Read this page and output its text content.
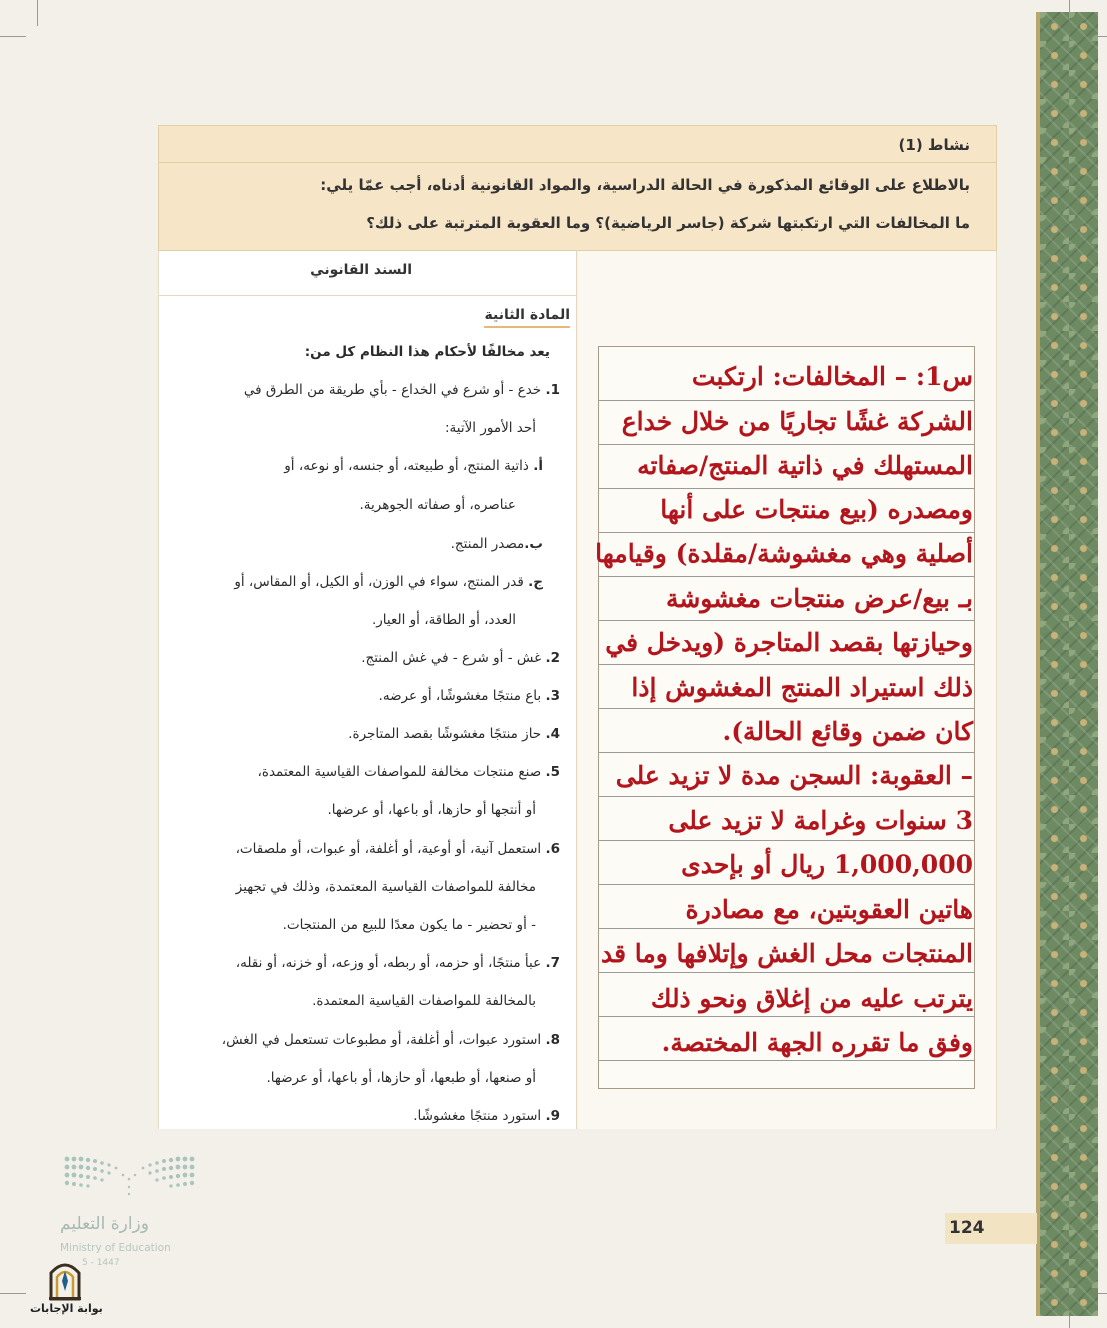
نشاط (1)
بالاطلاع على الوقائع المذكورة في الحالة الدراسية، والمواد القانونية أدناه، أجب عمّا يلي:
ما المخالفات التي ارتكبتها شركة (جاسر الرياضية)؟ وما العقوبة المترتبة على ذلك؟
السند القانوني
المادة الثانية
يعد مخالفًا لأحكام هذا النظام كل من:
1. خدع - أو شرع في الخداع - بأي طريقة من الطرق في
أحد الأمور الآتية:
أ. ذاتية المنتج، أو طبيعته، أو جنسه، أو نوعه، أو
عناصره، أو صفاته الجوهرية.
ب.مصدر المنتج.
ج. قدر المنتج، سواء في الوزن، أو الكيل، أو المقاس، أو
العدد، أو الطاقة، أو العيار.
2. غش - أو شرع - في غش المنتج.
3. باع منتجًا مغشوشًا، أو عرضه.
4. حاز منتجًا مغشوشًا بقصد المتاجرة.
5. صنع منتجات مخالفة للمواصفات القياسية المعتمدة،
أو أنتجها أو حازها، أو باعها، أو عرضها.
6. استعمل آنية، أو أوعية، أو أغلفة، أو عبوات، أو ملصقات،
مخالفة للمواصفات القياسية المعتمدة، وذلك في تجهيز
- أو تحضير - ما يكون معدًا للبيع من المنتجات.
7. عبأ منتجًا، أو حزمه، أو ربطه، أو وزعه، أو خزنه، أو نقله،
بالمخالفة للمواصفات القياسية المعتمدة.
8. استورد عبوات، أو أغلفة، أو مطبوعات تستعمل في الغش،
أو صنعها، أو طبعها، أو حازها، أو باعها، أو عرضها.
9. استورد منتجًا مغشوشًا.
س1: – المخالفات: ارتكبت
الشركة غشًا تجاريًا من خلال خداع
المستهلك في ذاتية المنتج/صفاته
ومصدره (بيع منتجات على أنها
أصلية وهي مغشوشة/مقلدة) وقيامها
بـ بيع/عرض منتجات مغشوشة
وحيازتها بقصد المتاجرة (ويدخل في
ذلك استيراد المنتج المغشوش إذا
كان ضمن وقائع الحالة).
– العقوبة: السجن مدة لا تزيد على
3 سنوات وغرامة لا تزيد على
1,000,000 ريال أو بإحدى
هاتين العقوبتين، مع مصادرة
المنتجات محل الغش وإتلافها وما قد
يترتب عليه من إغلاق ونحو ذلك
وفق ما تقرره الجهة المختصة.
124
وزارة التعليم
Ministry of Education
5 - 1447
بوابة الإجابات
